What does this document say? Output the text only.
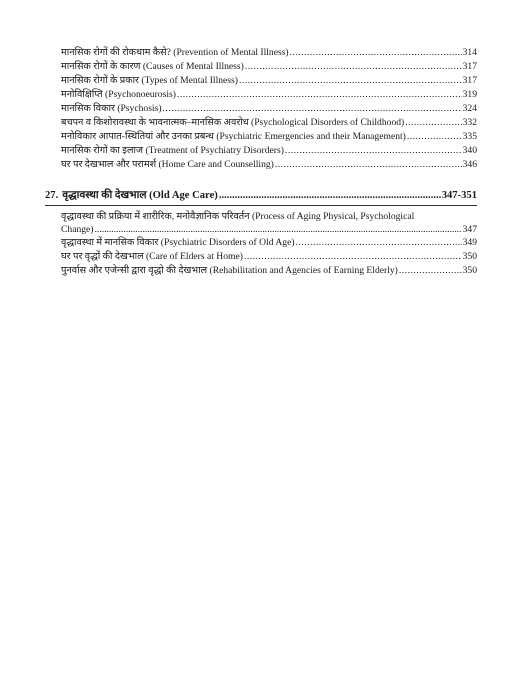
मानसिक रोगों की रोकथाम कैसे? (Prevention of Mental Illness) .....	314
मानसिक रोगों के कारण (Causes of Mental Illness) .....	317
मानसिक रोगों के प्रकार (Types of Mental Illness) .....	317
मनोविक्षिप्ति (Psychonoeurosis) .....	319
मानसिक विकार (Psychosis) .....	324
बचपन व किशोरावस्था के भावनात्मक–मानसिक अवरोध (Psychological Disorders of Childhood) .....	332
मनोविकार आपात-स्थितियां और उनका प्रबन्ध (Psychiatric Emergencies and their Management) .....	335
मानसिक रोगों का इलाज (Treatment of Psychiatry Disorders) .....	340
घर पर देखभाल और परामर्श (Home Care and Counselling) .....	346
27. वृद्धावस्था की देखभाल (Old Age Care) .....	347-351
वृद्धावस्था की प्रक्रिया में शारीरिक, मनोवैज्ञानिक परिवर्तन (Process of Aging Physical, Psychological
Change) .....	347
वृद्धावस्था में मानसिक विकार (Psychiatric Disorders of Old Age) .....	349
घर पर वृद्धों की देखभाल (Care of Elders at Home) .....	350
पुनर्वास और एजेन्सी द्वारा वृद्धो की देखभाल (Rehabilitation and Agencies of Earning Elderly) .....	350
